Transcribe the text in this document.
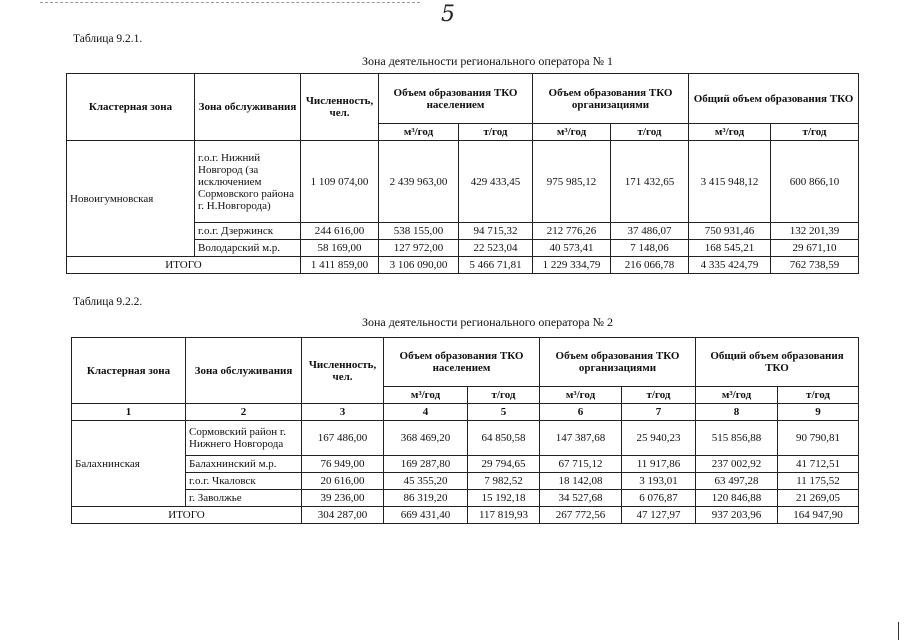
5
Таблица 9.2.1.
Зона деятельности регионального оператора № 1
Кластерная зона	Зона обслуживания	Численность, чел.	Объем образования ТКО населением		Объем образования ТКО организациями		Общий объем образования ТКО	
			м³/год	т/год	м³/год	т/год	м³/год	т/год
Новоигумновская	г.о.г. Нижний Новгород (за исключением Сормовского района г. Н.Новгорода)	1 109 074,00	2 439 963,00	429 433,45	975 985,12	171 432,65	3 415 948,12	600 866,10
	г.о.г. Дзержинск	244 616,00	538 155,00	94 715,32	212 776,26	37 486,07	750 931,46	132 201,39
	Володарский м.р.	58 169,00	127 972,00	22 523,04	40 573,41	7 148,06	168 545,21	29 671,10
ИТОГО		1 411 859,00	3 106 090,00	5 466 71,81	1 229 334,79	216 066,78	4 335 424,79	762 738,59
Таблица 9.2.2.
Зона деятельности регионального оператора № 2
Кластерная зона	Зона обслуживания	Численность, чел.	Объем образования ТКО населением		Объем образования ТКО организациями		Общий объем образования ТКО	
			м³/год	т/год	м³/год	т/год	м³/год	т/год
1	2	3	4	5	6	7	8	9
Балахнинская	Сормовский район г. Нижнего Новгорода	167 486,00	368 469,20	64 850,58	147 387,68	25 940,23	515 856,88	90 790,81
	Балахнинский м.р.	76 949,00	169 287,80	29 794,65	67 715,12	11 917,86	237 002,92	41 712,51
	г.о.г. Чкаловск	20 616,00	45 355,20	7 982,52	18 142,08	3 193,01	63 497,28	11 175,52
	г. Заволжье	39 236,00	86 319,20	15 192,18	34 527,68	6 076,87	120 846,88	21 269,05
ИТОГО		304 287,00	669 431,40	117 819,93	267 772,56	47 127,97	937 203,96	164 947,90
